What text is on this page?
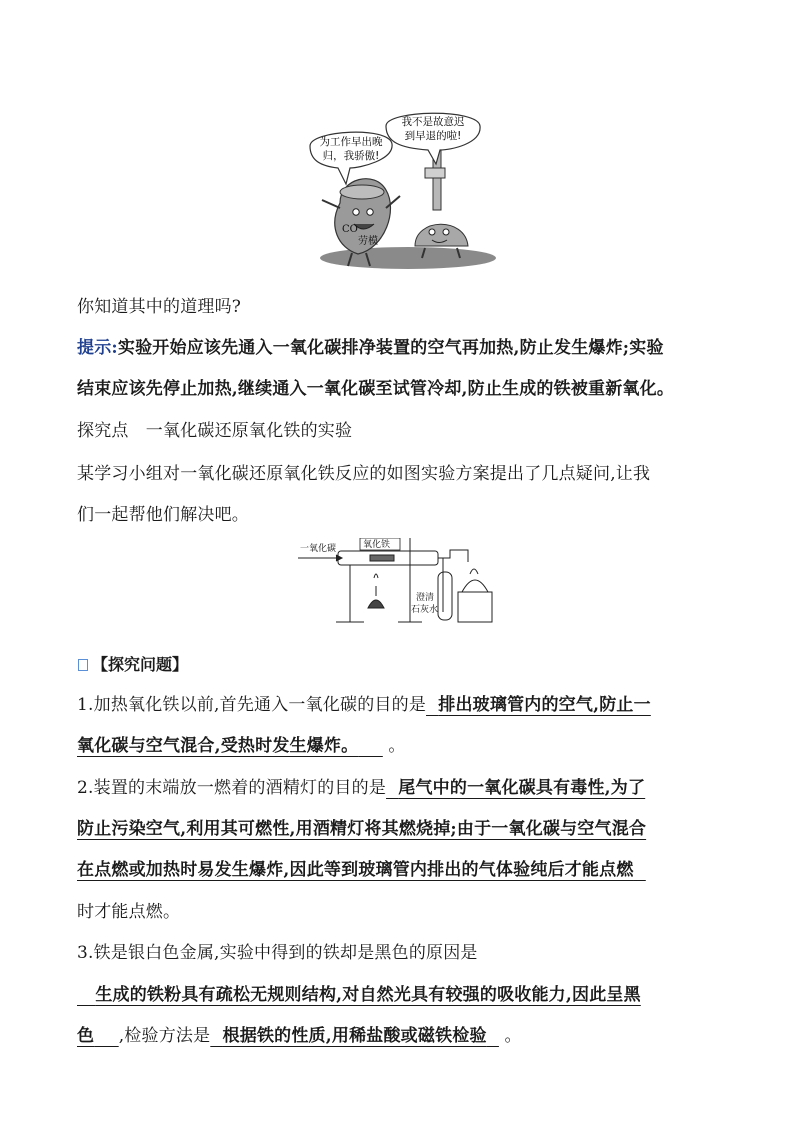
CO
劳模
为工作早出晚
归，我骄傲!
我不是故意迟
到早退的啦!
你知道其中的道理吗?
提示:实验开始应该先通入一氧化碳排净装置的空气再加热,防止发生爆炸;实验
结束应该先停止加热,继续通入一氧化碳至试管冷却,防止生成的铁被重新氧化。
探究点　一氧化碳还原氧化铁的实验
某学习小组对一氧化碳还原氧化铁反应的如图实验方案提出了几点疑问,让我
们一起帮他们解决吧。
一氧化碳	氧化铁
澄清
石灰水
【探究问题】
1.加热氧化铁以前,首先通入一氧化碳的目的是 排出玻璃管内的空气,防止一
氧化碳与空气混合,受热时发生爆炸。 。
2.装置的末端放一燃着的酒精灯的目的是 尾气中的一氧化碳具有毒性,为了
防止污染空气,利用其可燃性,用酒精灯将其燃烧掉;由于一氧化碳与空气混合
在点燃或加热时易发生爆炸,因此等到玻璃管内排出的气体验纯后才能点燃
时才能点燃。
3.铁是银白色金属,实验中得到的铁却是黑色的原因是
生成的铁粉具有疏松无规则结构,对自然光具有较强的吸收能力,因此呈黑
色 ,检验方法是 根据铁的性质,用稀盐酸或磁铁检验 。
